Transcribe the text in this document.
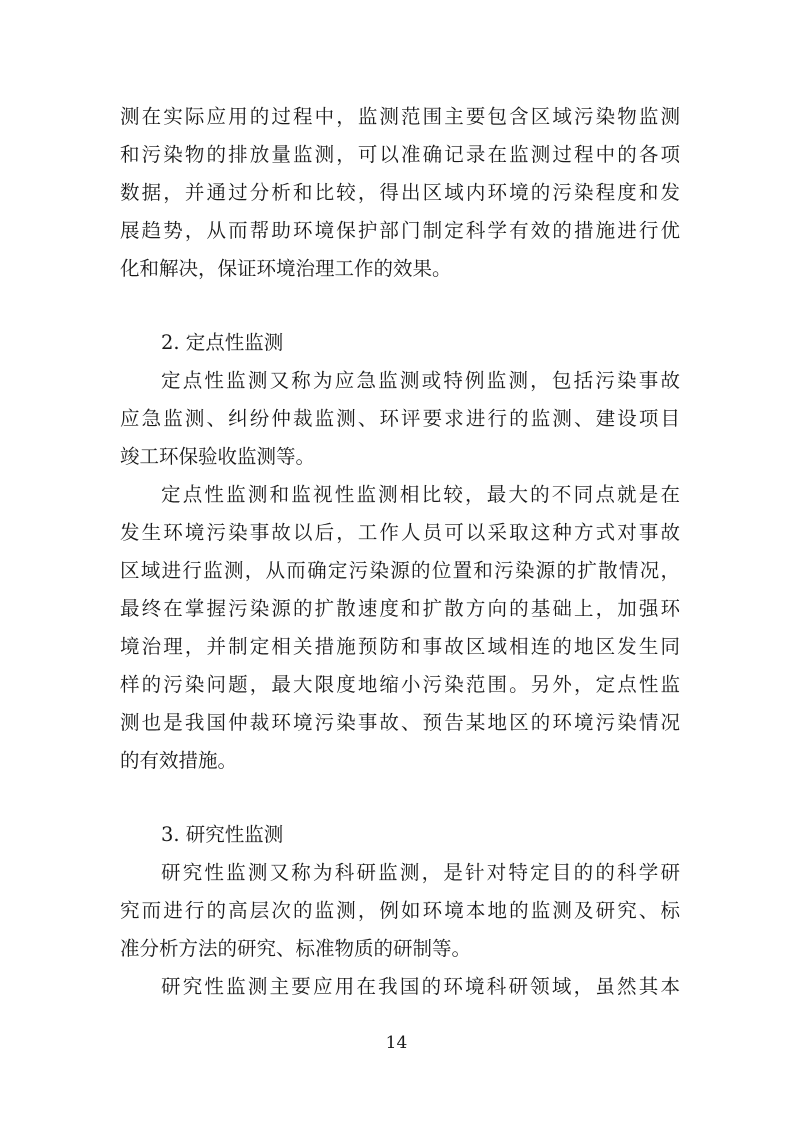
测在实际应用的过程中，监测范围主要包含区域污染物监测
和污染物的排放量监测，可以准确记录在监测过程中的各项
数据，并通过分析和比较，得出区域内环境的污染程度和发
展趋势，从而帮助环境保护部门制定科学有效的措施进行优
化和解决，保证环境治理工作的效果。
2. 定点性监测
定点性监测又称为应急监测或特例监测，包括污染事故
应急监测、纠纷仲裁监测、环评要求进行的监测、建设项目
竣工环保验收监测等。
定点性监测和监视性监测相比较，最大的不同点就是在
发生环境污染事故以后，工作人员可以采取这种方式对事故
区域进行监测，从而确定污染源的位置和污染源的扩散情况，
最终在掌握污染源的扩散速度和扩散方向的基础上，加强环
境治理，并制定相关措施预防和事故区域相连的地区发生同
样的污染问题，最大限度地缩小污染范围。另外，定点性监
测也是我国仲裁环境污染事故、预告某地区的环境污染情况
的有效措施。
3. 研究性监测
研究性监测又称为科研监测，是针对特定目的的科学研
究而进行的高层次的监测，例如环境本地的监测及研究、标
准分析方法的研究、标准物质的研制等。
研究性监测主要应用在我国的环境科研领域，虽然其本
14
